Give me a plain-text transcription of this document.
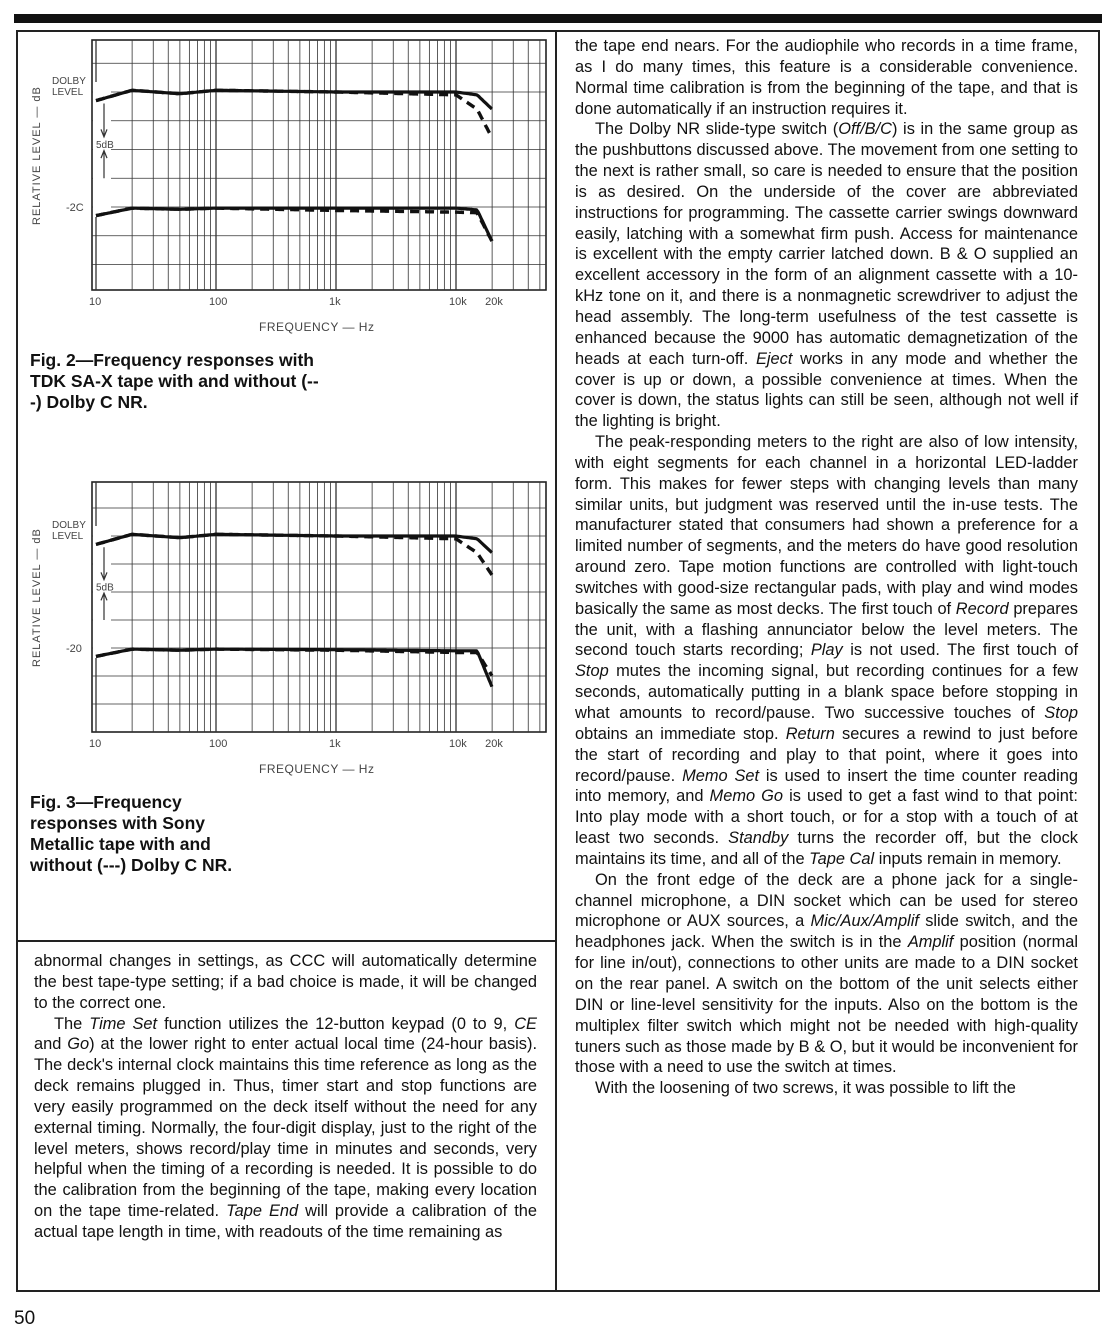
RELATIVE LEVEL — dB
DOLBY
LEVEL
5dB
-2C
10	100	1k	10k 20k
FREQUENCY — Hz
Fig. 2—Frequency responses with TDK SA-X tape with and without (---) Dolby C NR.
RELATIVE LEVEL — dB
DOLBY
LEVEL
5dB
-20
10	100	1k	10k 20k
FREQUENCY — Hz
Fig. 3—Frequency responses with Sony Metallic tape with and without (---) Dolby C NR.

abnormal changes in settings, as CCC will automatically determine the best tape-type setting; if a bad choice is made, it will be changed to the correct one.

The Time Set function utilizes the 12-button keypad (0 to 9, CE and Go) at the lower right to enter actual local time (24-hour basis). The deck's internal clock maintains this time reference as long as the deck remains plugged in. Thus, timer start and stop functions are very easily programmed on the deck itself without the need for any external timing. Normally, the four-digit display, just to the right of the level meters, shows record/play time in minutes and seconds, very helpful when the timing of a recording is needed. It is possible to do the calibration from the beginning of the tape, making every location on the tape time-related. Tape End will provide a calibration of the actual tape length in time, with readouts of the time remaining as

the tape end nears. For the audiophile who records in a time frame, as I do many times, this feature is a considerable convenience. Normal time calibration is from the beginning of the tape, and that is done automatically if an instruction requires it.

The Dolby NR slide-type switch (Off/B/C) is in the same group as the pushbuttons discussed above. The movement from one setting to the next is rather small, so care is needed to ensure that the position is as desired. On the underside of the cover are abbreviated instructions for programming. The cassette carrier swings downward easily, latching with a somewhat firm push. Access for maintenance is excellent with the empty carrier latched down. B & O supplied an excellent accessory in the form of an alignment cassette with a 10-kHz tone on it, and there is a nonmagnetic screwdriver to adjust the head assembly. The long-term usefulness of the test cassette is enhanced because the 9000 has automatic demagnetization of the heads at each turn-off. Eject works in any mode and whether the cover is up or down, a possible convenience at times. When the cover is down, the status lights can still be seen, although not well if the lighting is bright.

The peak-responding meters to the right are also of low intensity, with eight segments for each channel in a horizontal LED-ladder form. This makes for fewer steps with changing levels than many similar units, but judgment was reserved until the in-use tests. The manufacturer stated that consumers had shown a preference for a limited number of segments, and the meters do have good resolution around zero. Tape motion functions are controlled with light-touch switches with good-size rectangular pads, with play and wind modes basically the same as most decks. The first touch of Record prepares the unit, with a flashing annunciator below the level meters. The second touch starts recording; Play is not used. The first touch of Stop mutes the incoming signal, but recording continues for a few seconds, automatically putting in a blank space before stopping in what amounts to record/pause. Two successive touches of Stop obtains an immediate stop. Return secures a rewind to just before the start of recording and play to that point, where it goes into record/pause. Memo Set is used to insert the time counter reading into memory, and Memo Go is used to get a fast wind to that point: Into play mode with a short touch, or for a stop with a touch of at least two seconds. Standby turns the recorder off, but the clock maintains its time, and all of the Tape Cal inputs remain in memory.

On the front edge of the deck are a phone jack for a single-channel microphone, a DIN socket which can be used for stereo microphone or AUX sources, a Mic/Aux/Amplif slide switch, and the headphones jack. When the switch is in the Amplif position (normal for line in/out), connections to other units are made to a DIN socket on the rear panel. A switch on the bottom of the unit selects either DIN or line-level sensitivity for the inputs. Also on the bottom is the multiplex filter switch which might not be needed with high-quality tuners such as those made by B & O, but it would be inconvenient for those with a need to use the switch at times.

With the loosening of two screws, it was possible to lift the

50
